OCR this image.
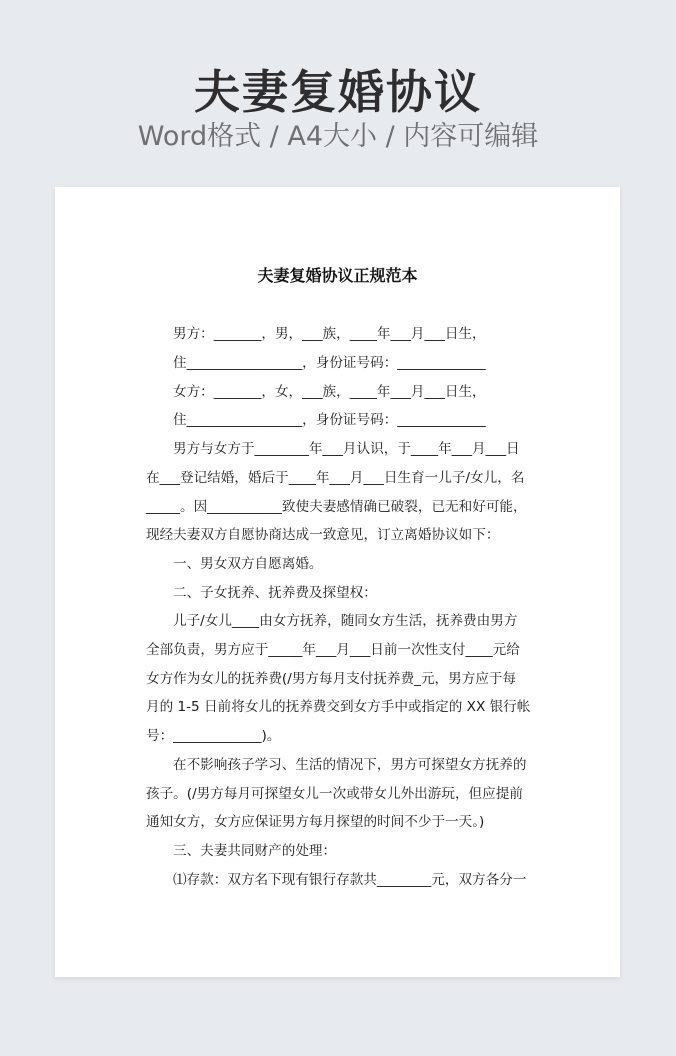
夫妻复婚协议
Word格式 / A4大小 / 内容可编辑
夫妻复婚协议正规范本
男方：_______，男，___族，____年___月___日生，
住_________________，身份证号码：_____________
女方：_______，女，___族，____年___月___日生，
住_________________，身份证号码：_____________
男方与女方于________年___月认识，于____年___月___日
在___登记结婚，婚后于____年___月___日生育一儿子/女儿，名
_____。因___________致使夫妻感情确已破裂，已无和好可能，
现经夫妻双方自愿协商达成一致意见，订立离婚协议如下：
一、男女双方自愿离婚。
二、子女抚养、抚养费及探望权：
儿子/女儿____由女方抚养，随同女方生活，抚养费由男方
全部负责，男方应于_____年___月___日前一次性支付____元给
女方作为女儿的抚养费(/男方每月支付抚养费_元，男方应于每
月的 1-5 日前将女儿的抚养费交到女方手中或指定的 XX 银行帐
号：_____________)。
在不影响孩子学习、生活的情况下，男方可探望女方抚养的
孩子。(/男方每月可探望女儿一次或带女儿外出游玩，但应提前
通知女方，女方应保证男方每月探望的时间不少于一天。)
三、夫妻共同财产的处理：
⑴存款：双方名下现有银行存款共________元，双方各分一
